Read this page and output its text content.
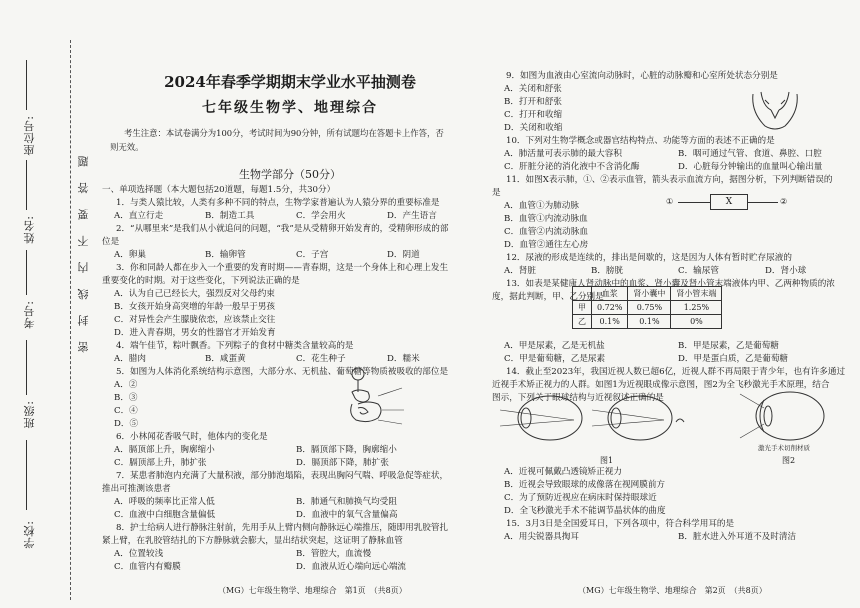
学校:
班级:
考号:
姓名:
座位号:
密 封 线 内 不 要 答 题
2024年春季学期期末学业水平抽测卷
七年级生物学、地理综合
考生注意：本试卷满分为100分，考试时间为90分钟，所有试题均在答题卡上作答，否
则无效。
生物学部分（50分）
一、单项选择题（本大题包括20道题，每题1.5分，共30分）
1．与类人猿比较，人类有多种不同的特点，生物学家普遍认为人猿分界的重要标准是
A．直立行走	B．制造工具	C．学会用火	D．产生语言
2．“从哪里来”是我们从小就追问的问题，“我”是从受精卵开始发育的，受精卵形成的部
位是
A．卵巢	B．输卵管	C．子宫	D．阴道
3．你和同龄人都在步入一个重要的发育时期——青春期，这是一个身体上和心理上发生
重要变化的时期。对于这些变化，下列说法正确的是
A．认为自己已经长大，强烈反对父母约束
B．女孩开始身高突增的年龄一般早于男孩
C．对异性会产生朦胧依恋，应该禁止交往
D．进入青春期，男女的性器官才开始发育
4．端午佳节，粽叶飘香。下列粽子的食材中糖类含量较高的是
A．腊肉	B．咸蛋黄	C．花生种子	D．糯米
5．如图为人体消化系统结构示意图，大部分水、无机盐、葡萄糖等物质被吸收的部位是
A．②
B．③
C．④
D．⑤
6．小林闻花香吸气时，他体内的变化是
A．膈顶部上升，胸廓缩小	B．膈顶部下降，胸廓缩小
C．膈顶部上升，肺扩张	D．膈顶部下降，肺扩张
7．某患者肺泡内充满了大量积液，部分肺泡塌陷，表现出胸闷气喘、呼吸急促等症状，
推出可推测该患者
A．呼吸的频率比正常人低	B．肺通气和肺换气均受阻
C．血液中白细胞含量偏低	D．血液中的氧气含量偏高
8．护士给病人进行静脉注射前，先用手从上臂内侧向静脉远心端推压，随即用乳胶管扎
紧上臂，在乳胶管结扎的下方静脉就会膨大，显出结状突起，这证明了静脉血管
A．位置较浅	B．管腔大，血流慢
C．血管内有瓣膜	D．血液从近心端向远心端流
（MG）七年级生物学、地理综合　第1页　（共8页）
9．如图为血液由心室流向动脉时，心脏的动脉瓣和心室所处状态分别是
A．关闭和舒张
B．打开和舒张
C．打开和收缩
D．关闭和收缩
10．下列对生物学概念或器官结构特点、功能等方面的表述不正确的是
A．肺活量可表示肺的最大容积	B．咽可通过气管、食道、鼻腔、口腔
C．肝脏分泌的消化液中不含消化酶	D．心脏每分钟输出的血量叫心输出量
11．如图X表示肺，①、②表示血管，箭头表示血流方向，据图分析，下列判断错误的
是
A．血管①为肺动脉
B．血管①内流动脉血
C．血管②内流动脉血
D．血管②通往左心房
12．尿液的形成是连续的，排出是间歇的，这是因为人体有暂时贮存尿液的
A．肾脏	B．膀胱	C．输尿管	D．肾小球
13．如表是某健康人肾动脉中的血浆、肾小囊及肾小管末端液体内甲、乙两种物质的浓
度，据此判断，甲、乙分别是
A．甲是尿素，乙是无机盐	B．甲是尿素，乙是葡萄糖
C．甲是葡萄糖，乙是尿素	D．甲是蛋白质，乙是葡萄糖
14．截止至2023年，我国近视人数已超6亿，近视人群不再局限于青少年，也有许多通过
近视手术矫正视力的人群。如图1为近视眼成像示意图，图2为全飞秒激光手术原理，结合
图示，下列关于眼球结构与近视叙述正确的是
①	X	②
	血浆	肾小囊中	肾小管末端
甲	0.72%	0.75%	1.25%
乙	0.1%	0.1%	0%
激光手术切削材质
图1	图2
A．近视可佩戴凸透镜矫正视力
B．近视会导致眼球的成像落在视网膜前方
C．为了预防近视应在病床时保持眼球近
D．全飞秒激光手术不能调节晶状体的曲度
15．3月3日是全国爱耳日，下列各项中，符合科学用耳的是
A．用尖锐器具掏耳	B．脏水进入外耳道不及时清洁
（MG）七年级生物学、地理综合　第2页　（共8页）
